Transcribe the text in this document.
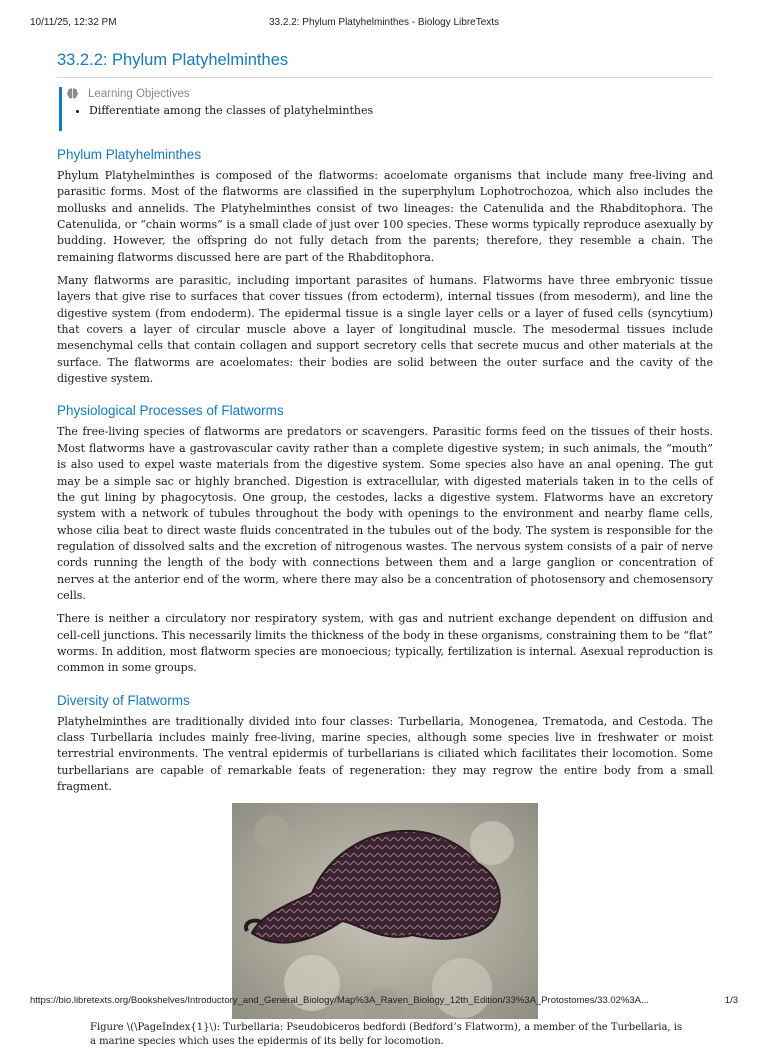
10/11/25, 12:32 PM	33.2.2: Phylum Platyhelminthes - Biology LibreTexts
33.2.2: Phylum Platyhelminthes
Learning Objectives
• Differentiate among the classes of platyhelminthes
Phylum Platyhelminthes

Phylum Platyhelminthes is composed of the flatworms: acoelomate organisms that include many free-living and parasitic forms. Most of the flatworms are classified in the superphylum Lophotrochozoa, which also includes the mollusks and annelids. The Platyhelminthes consist of two lineages: the Catenulida and the Rhabditophora. The Catenulida, or “chain worms” is a small clade of just over 100 species. These worms typically reproduce asexually by budding. However, the offspring do not fully detach from the parents; therefore, they resemble a chain. The remaining flatworms discussed here are part of the Rhabditophora.

Many flatworms are parasitic, including important parasites of humans. Flatworms have three embryonic tissue layers that give rise to surfaces that cover tissues (from ectoderm), internal tissues (from mesoderm), and line the digestive system (from endoderm). The epidermal tissue is a single layer cells or a layer of fused cells (syncytium) that covers a layer of circular muscle above a layer of longitudinal muscle. The mesodermal tissues include mesenchymal cells that contain collagen and support secretory cells that secrete mucus and other materials at the surface. The flatworms are acoelomates: their bodies are solid between the outer surface and the cavity of the digestive system.

Physiological Processes of Flatworms

The free-living species of flatworms are predators or scavengers. Parasitic forms feed on the tissues of their hosts. Most flatworms have a gastrovascular cavity rather than a complete digestive system; in such animals, the “mouth” is also used to expel waste materials from the digestive system. Some species also have an anal opening. The gut may be a simple sac or highly branched. Digestion is extracellular, with digested materials taken in to the cells of the gut lining by phagocytosis. One group, the cestodes, lacks a digestive system. Flatworms have an excretory system with a network of tubules throughout the body with openings to the environment and nearby flame cells, whose cilia beat to direct waste fluids concentrated in the tubules out of the body. The system is responsible for the regulation of dissolved salts and the excretion of nitrogenous wastes. The nervous system consists of a pair of nerve cords running the length of the body with connections between them and a large ganglion or concentration of nerves at the anterior end of the worm, where there may also be a concentration of photosensory and chemosensory cells.

There is neither a circulatory nor respiratory system, with gas and nutrient exchange dependent on diffusion and cell-cell junctions. This necessarily limits the thickness of the body in these organisms, constraining them to be “flat” worms. In addition, most flatworm species are monoecious; typically, fertilization is internal. Asexual reproduction is common in some groups.

Diversity of Flatworms

Platyhelminthes are traditionally divided into four classes: Turbellaria, Monogenea, Trematoda, and Cestoda. The class Turbellaria includes mainly free-living, marine species, although some species live in freshwater or moist terrestrial environments. The ventral epidermis of turbellarians is ciliated which facilitates their locomotion. Some turbellarians are capable of remarkable feats of regeneration: they may regrow the entire body from a small fragment.

Figure \(\PageIndex{1}\): Turbellaria: Pseudobiceros bedfordi (Bedford’s Flatworm), a member of the Turbellaria, is a marine species which uses the epidermis of its belly for locomotion.
https://bio.libretexts.org/Bookshelves/Introductory_and_General_Biology/Map%3A_Raven_Biology_12th_Edition/33%3A_Protostomes/33.02%3A...	1/3
